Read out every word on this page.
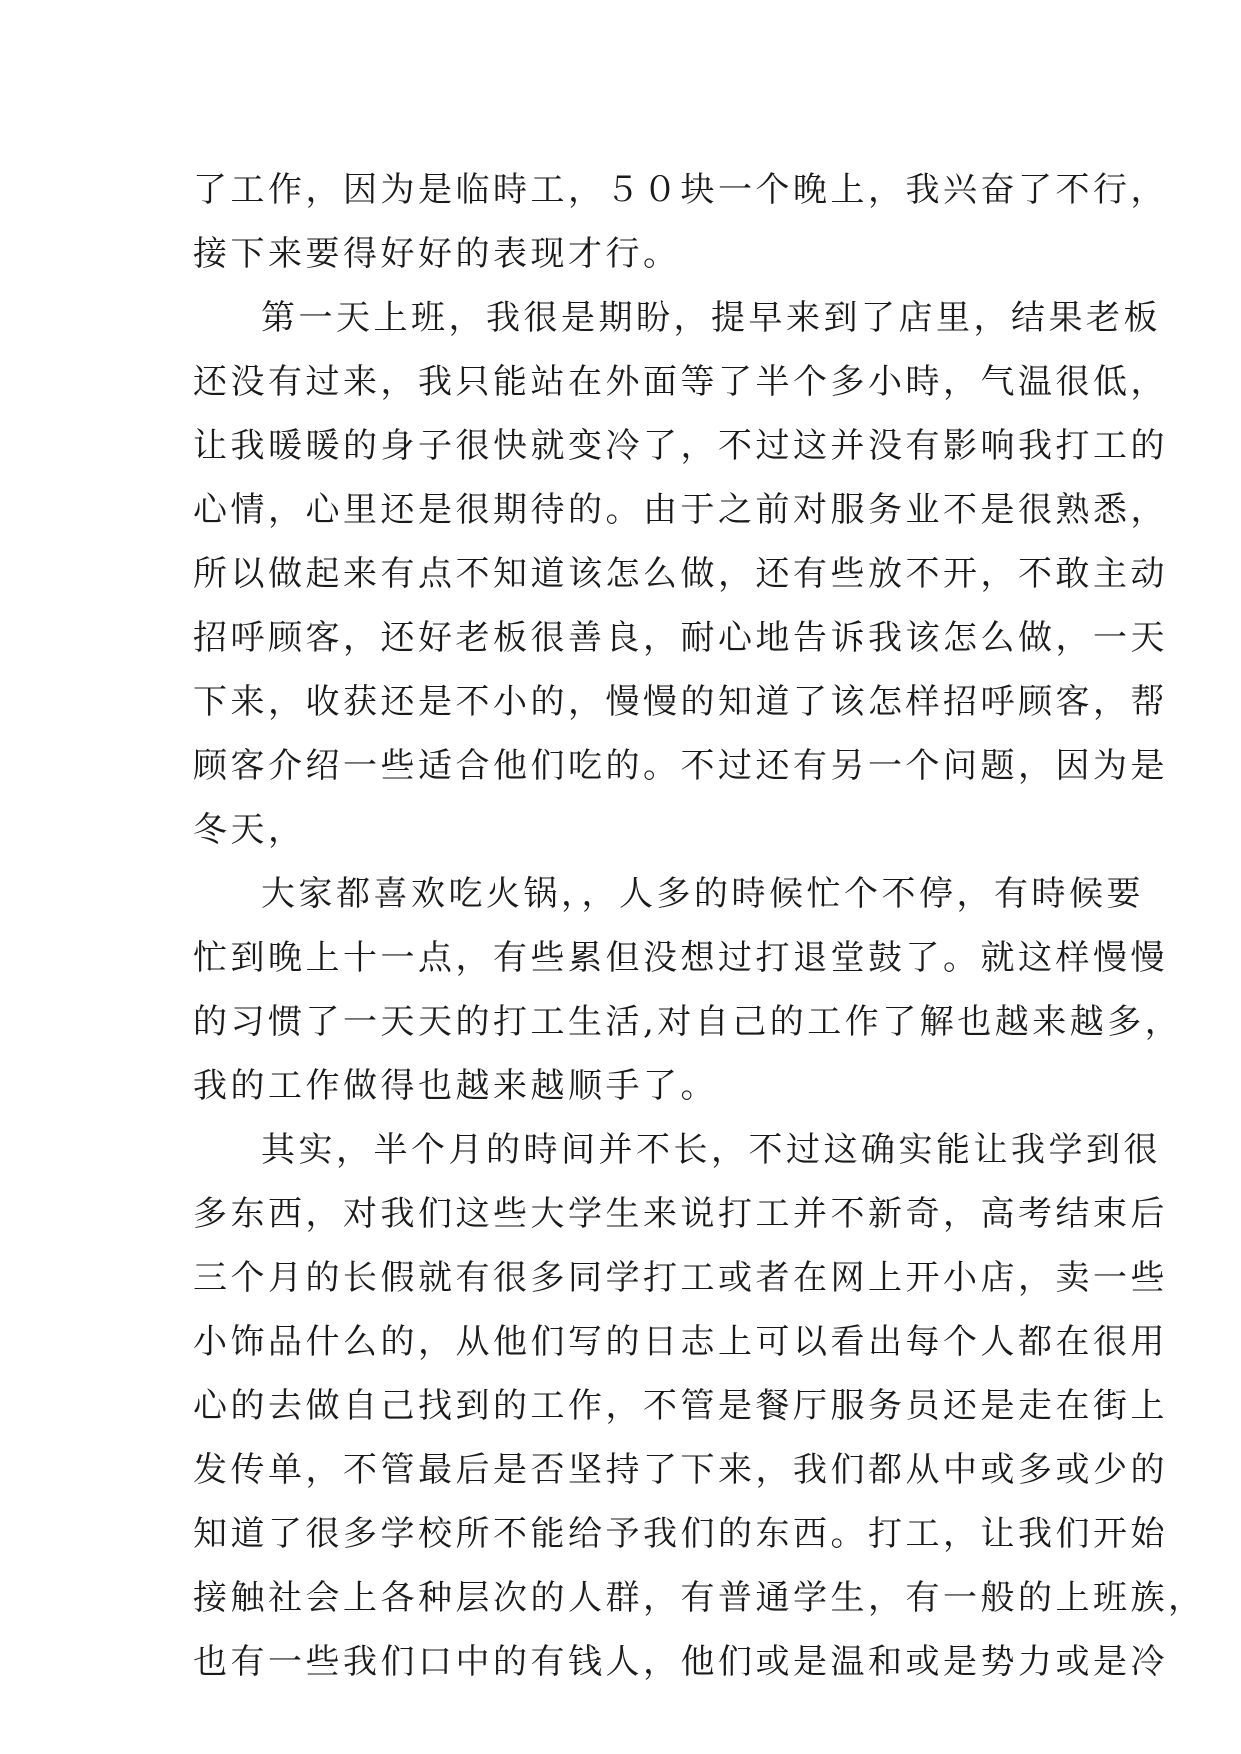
了工作，因为是临時工，５０块一个晚上，我兴奋了不行，
接下来要得好好的表现才行。
第一天上班，我很是期盼，提早来到了店里，结果老板
还没有过来，我只能站在外面等了半个多小時，气温很低，
让我暖暖的身子很快就变冷了，不过这并没有影响我打工的
心情，心里还是很期待的。由于之前对服务业不是很熟悉，
所以做起来有点不知道该怎么做，还有些放不开，不敢主动
招呼顾客，还好老板很善良，耐心地告诉我该怎么做，一天
下来，收获还是不小的，慢慢的知道了该怎样招呼顾客，帮
顾客介绍一些适合他们吃的。不过还有另一个问题，因为是
冬天，
大家都喜欢吃火锅，，人多的時候忙个不停，有時候要
忙到晚上十一点，有些累但没想过打退堂鼓了。就这样慢慢
的习惯了一天天的打工生活,对自己的工作了解也越来越多，
我的工作做得也越来越顺手了。
其实，半个月的時间并不长，不过这确实能让我学到很
多东西，对我们这些大学生来说打工并不新奇，高考结束后
三个月的长假就有很多同学打工或者在网上开小店，卖一些
小饰品什么的，从他们写的日志上可以看出每个人都在很用
心的去做自己找到的工作，不管是餐厅服务员还是走在街上
发传单，不管最后是否坚持了下来，我们都从中或多或少的
知道了很多学校所不能给予我们的东西。打工，让我们开始
接触社会上各种层次的人群，有普通学生，有一般的上班族，
也有一些我们口中的有钱人，他们或是温和或是势力或是冷
